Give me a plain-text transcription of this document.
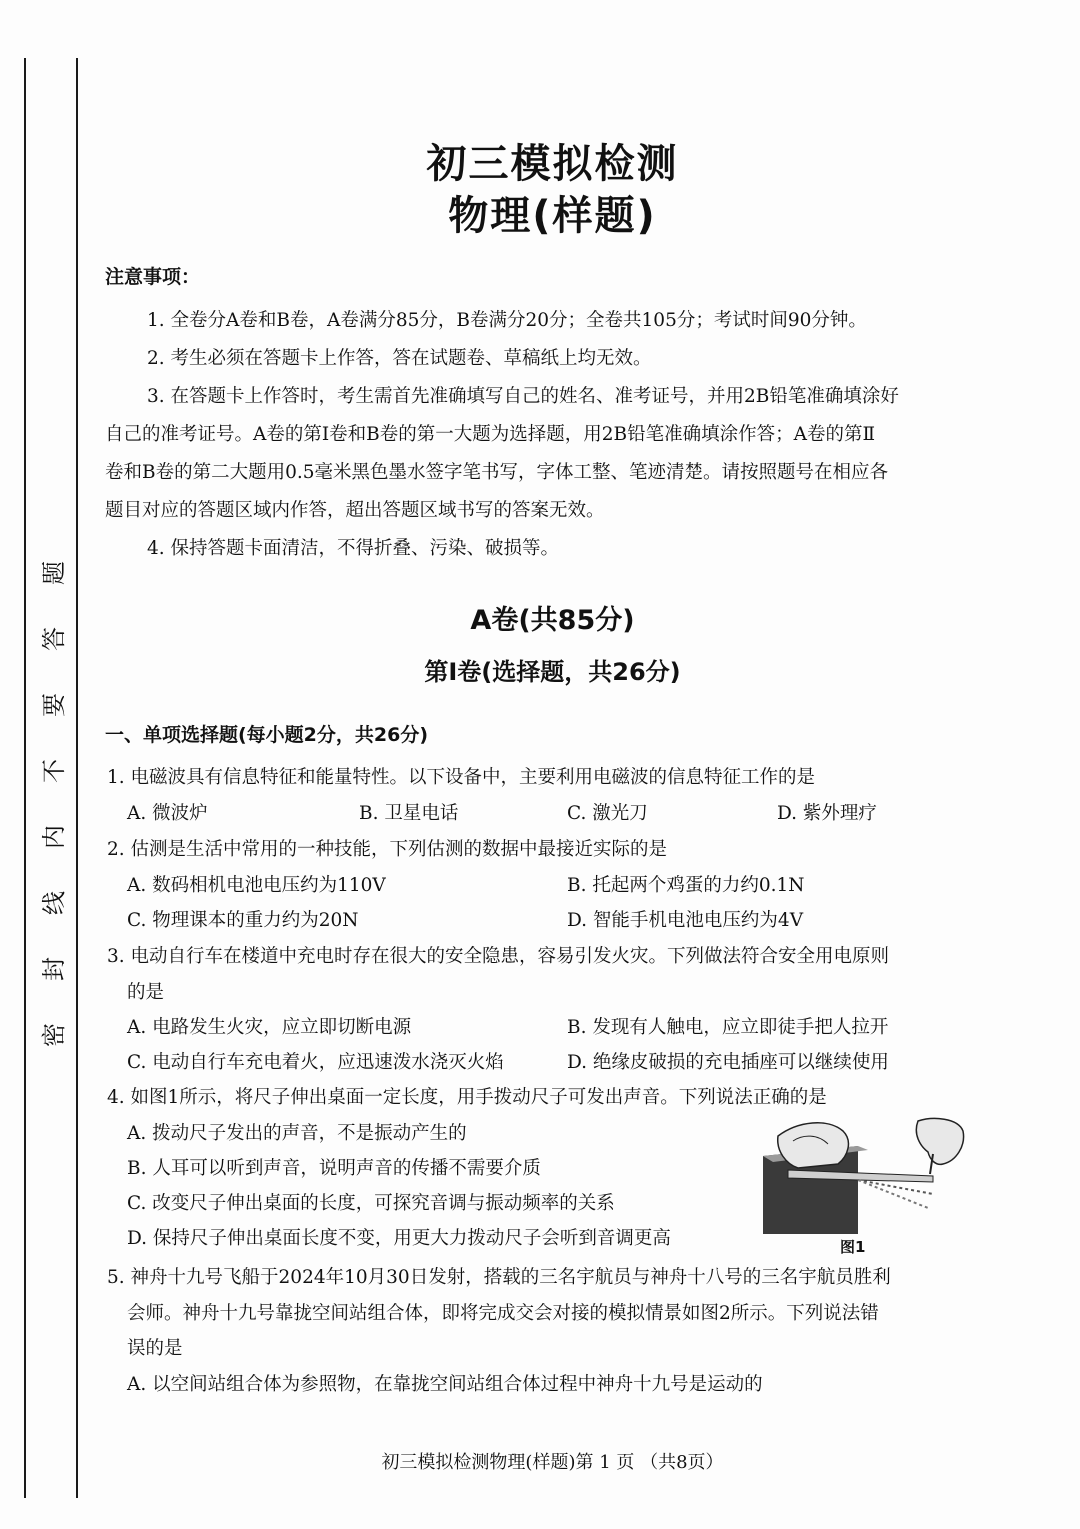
密
封
线
内
不
要
答
题
初三模拟检测
物理(样题)
注意事项：
1. 全卷分A卷和B卷，A卷满分85分，B卷满分20分；全卷共105分；考试时间90分钟。
2. 考生必须在答题卡上作答，答在试题卷、草稿纸上均无效。
3. 在答题卡上作答时，考生需首先准确填写自己的姓名、准考证号，并用2B铅笔准确填涂好
自己的准考证号。A卷的第Ⅰ卷和B卷的第一大题为选择题，用2B铅笔准确填涂作答；A卷的第Ⅱ
卷和B卷的第二大题用0.5毫米黑色墨水签字笔书写，字体工整、笔迹清楚。请按照题号在相应各
题目对应的答题区域内作答，超出答题区域书写的答案无效。
4. 保持答题卡面清洁，不得折叠、污染、破损等。
A卷(共85分)
第Ⅰ卷(选择题，共26分)
一、单项选择题(每小题2分，共26分)
1. 电磁波具有信息特征和能量特性。以下设备中，主要利用电磁波的信息特征工作的是
A. 微波炉	B. 卫星电话	C. 激光刀	D. 紫外理疗
2. 估测是生活中常用的一种技能，下列估测的数据中最接近实际的是
A. 数码相机电池电压约为110V	B. 托起两个鸡蛋的力约0.1N
C. 物理课本的重力约为20N	D. 智能手机电池电压约为4V
3. 电动自行车在楼道中充电时存在很大的安全隐患，容易引发火灾。下列做法符合安全用电原则
的是
A. 电路发生火灾，应立即切断电源	B. 发现有人触电，应立即徒手把人拉开
C. 电动自行车充电着火，应迅速泼水浇灭火焰	D. 绝缘皮破损的充电插座可以继续使用
4. 如图1所示，将尺子伸出桌面一定长度，用手拨动尺子可发出声音。下列说法正确的是
A. 拨动尺子发出的声音，不是振动产生的
B. 人耳可以听到声音，说明声音的传播不需要介质
C. 改变尺子伸出桌面的长度，可探究音调与振动频率的关系
D. 保持尺子伸出桌面长度不变，用更大力拨动尺子会听到音调更高	图1
5. 神舟十九号飞船于2024年10月30日发射，搭载的三名宇航员与神舟十八号的三名宇航员胜利
会师。神舟十九号靠拢空间站组合体，即将完成交会对接的模拟情景如图2所示。下列说法错
误的是
A. 以空间站组合体为参照物，在靠拢空间站组合体过程中神舟十九号是运动的
初三模拟检测物理(样题)第 1 页 （共8页）
